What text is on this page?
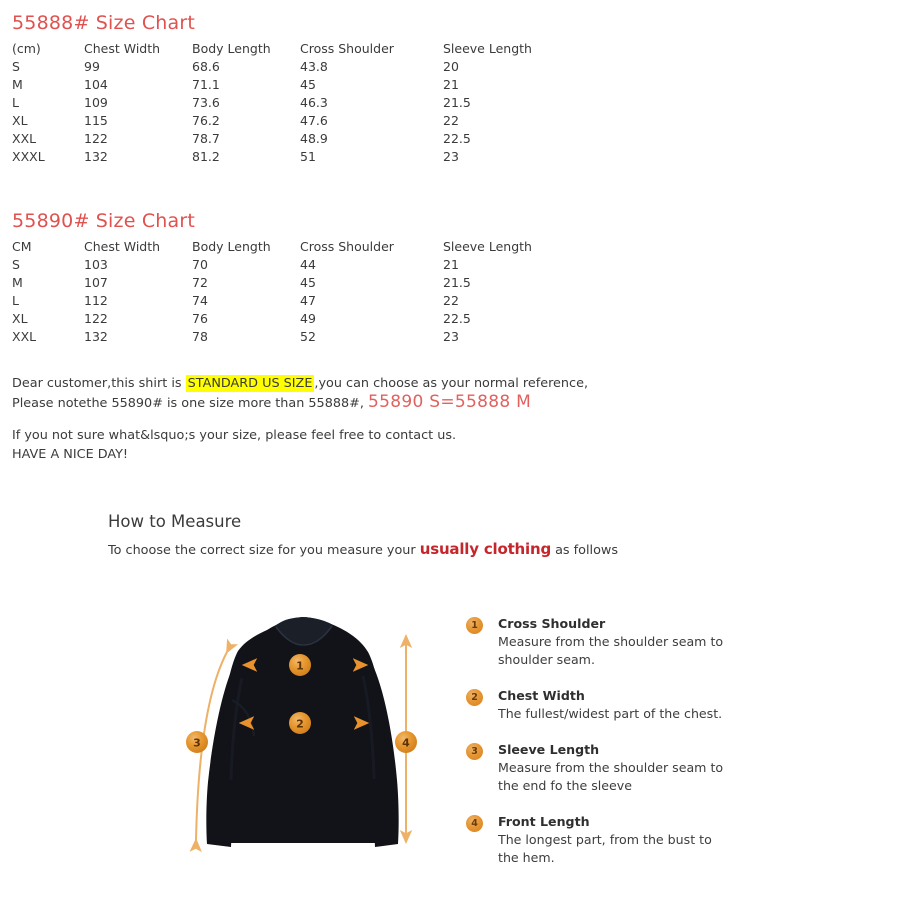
55888# Size Chart
(cm)	Chest Width	Body Length	Cross Shoulder	Sleeve Length
S	99	68.6	43.8	20
M	104	71.1	45	21
L	109	73.6	46.3	21.5
XL	115	76.2	47.6	22
XXL	122	78.7	48.9	22.5
XXXL	132	81.2	51	23
55890# Size Chart
CM	Chest Width	Body Length	Cross Shoulder	Sleeve Length
S	103	70	44	21
M	107	72	45	21.5
L	112	74	47	22
XL	122	76	49	22.5
XXL	132	78	52	23
Dear customer,this shirt is STANDARD US SIZE ,you can choose as your normal reference,
Please notethe 55890# is one size more than 55888#, 55890 S=55888 M
If you not sure what&lsquo;s your size, please feel free to contact us.
HAVE A NICE DAY!
How to Measure
To choose the correct size for you measure your usually clothing as follows
1
2
3	4
1	Cross Shoulder
Measure from the shoulder seam to shoulder seam.
2	Chest Width
The fullest/widest part of the chest.
3	Sleeve Length
Measure from the shoulder seam to the end fo the sleeve
4	Front Length
The longest part, from the bust to the hem.
